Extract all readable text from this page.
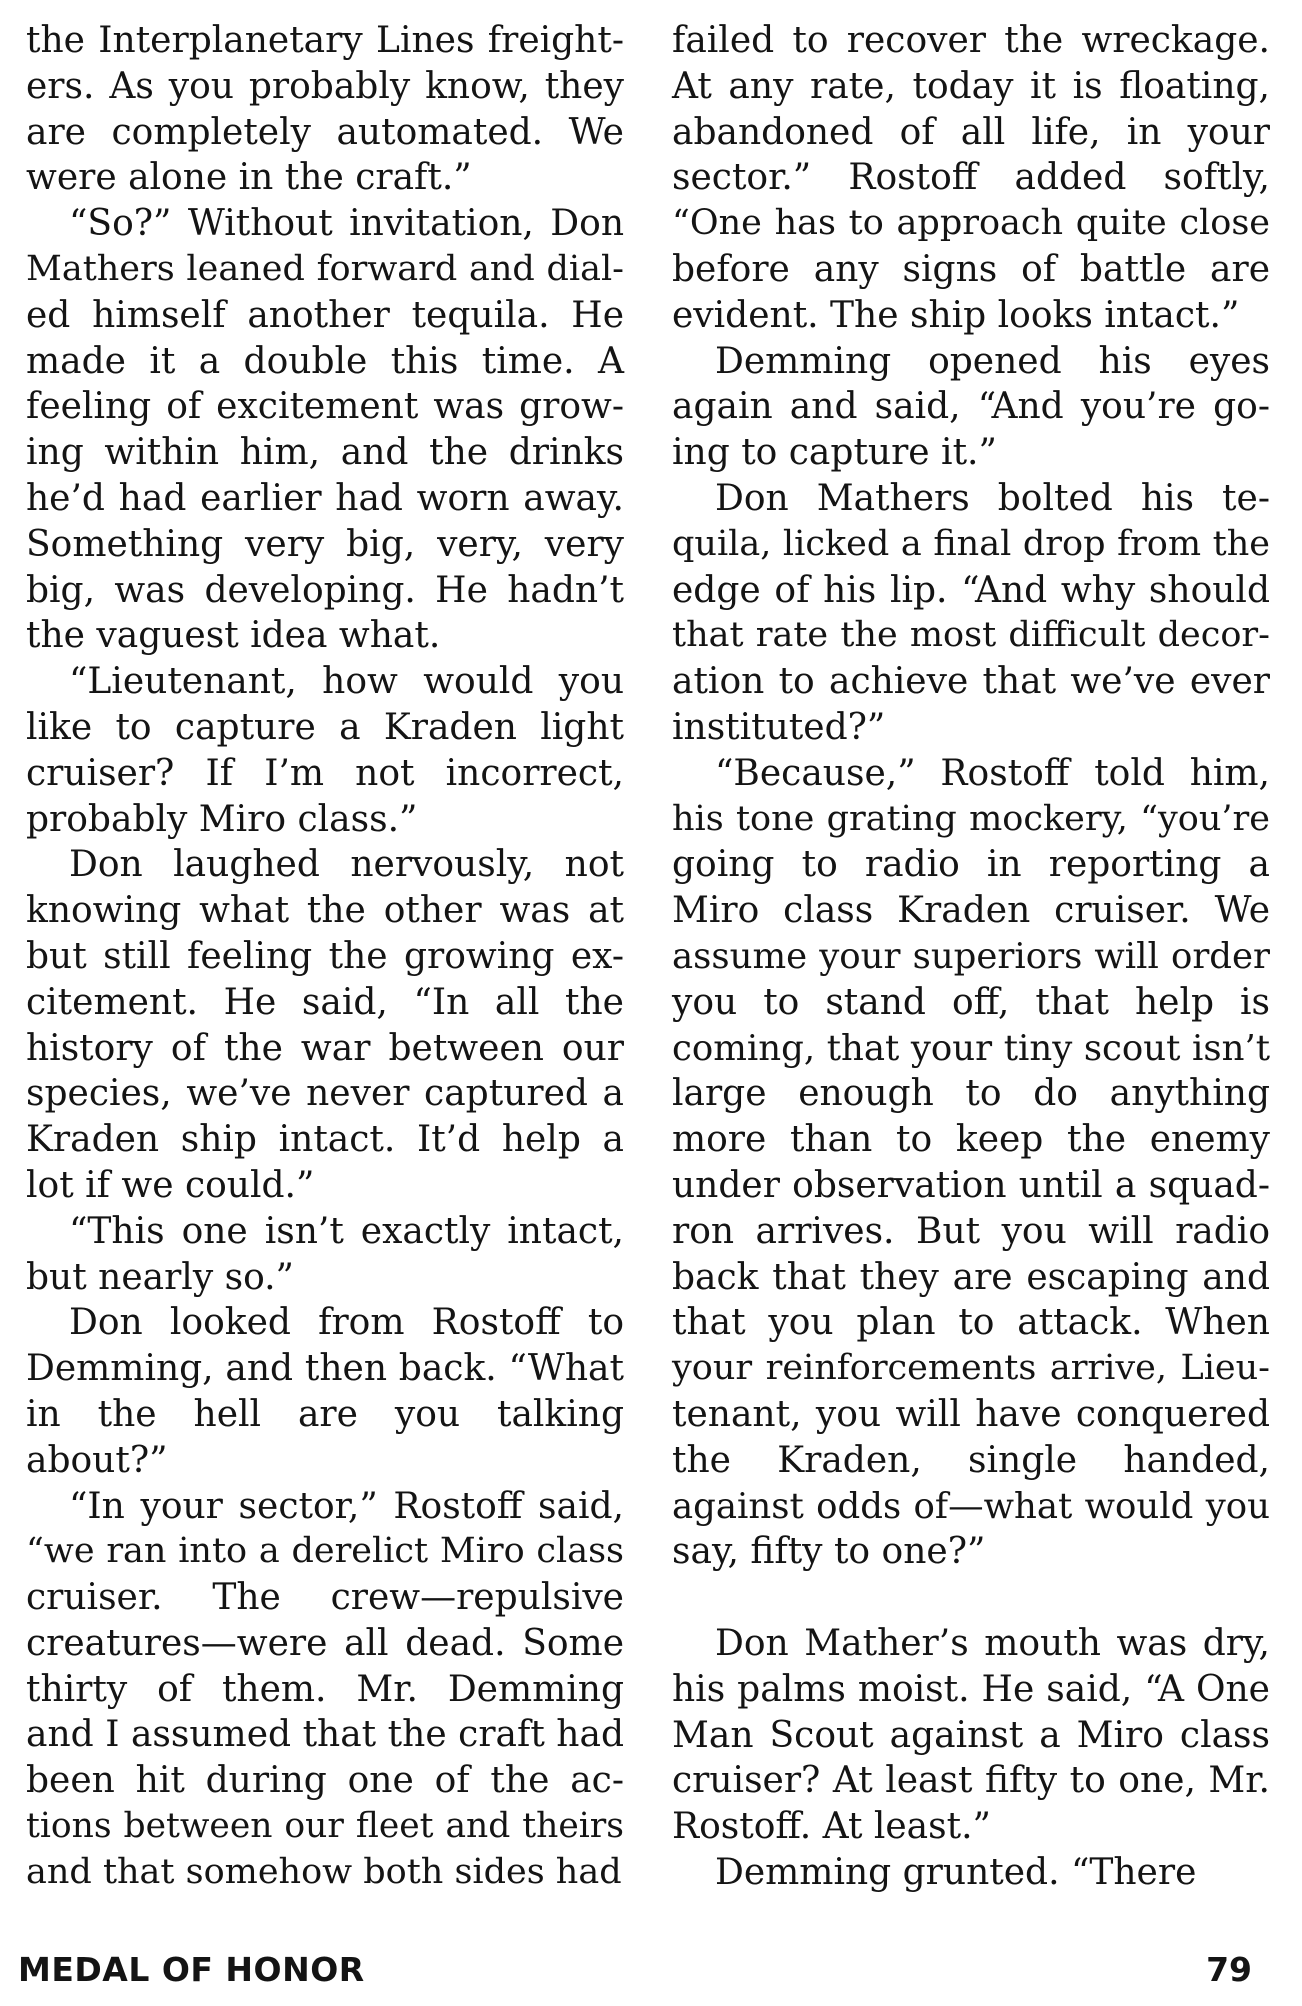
the Interplanetary Lines freight-
ers. As you probably know, they
are completely automated. We
were alone in the craft.”

“So?” Without invitation, Don
Mathers leaned forward and dial-
ed himself another tequila. He
made it a double this time. A
feeling of excitement was grow-
ing within him, and the drinks
he’d had earlier had worn away.
Something very big, very, very
big, was developing. He hadn’t
the vaguest idea what.

“Lieutenant, how would you
like to capture a Kraden light
cruiser? If I’m not incorrect,
probably Miro class.”

Don laughed nervously, not
knowing what the other was at
but still feeling the growing ex-
citement. He said, “In all the
history of the war between our
species, we’ve never captured a
Kraden ship intact. It’d help a
lot if we could.”

“This one isn’t exactly intact,
but nearly so.”

Don looked from Rostoff to
Demming, and then back. “What
in the hell are you talking
about?”

“In your sector,” Rostoff said,
“we ran into a derelict Miro class
cruiser. The crew—repulsive
creatures—were all dead. Some
thirty of them. Mr. Demming
and I assumed that the craft had
been hit during one of the ac-
tions between our fleet and theirs
and that somehow both sides had

failed to recover the wreckage.
At any rate, today it is floating,
abandoned of all life, in your
sector.” Rostoff added softly,
“One has to approach quite close
before any signs of battle are
evident. The ship looks intact.”

Demming opened his eyes
again and said, “And you’re go-
ing to capture it.”

Don Mathers bolted his te-
quila, licked a final drop from the
edge of his lip. “And why should
that rate the most difficult decor-
ation to achieve that we’ve ever
instituted?”

“Because,” Rostoff told him,
his tone grating mockery, “you’re
going to radio in reporting a
Miro class Kraden cruiser. We
assume your superiors will order
you to stand off, that help is
coming, that your tiny scout isn’t
large enough to do anything
more than to keep the enemy
under observation until a squad-
ron arrives. But you will radio
back that they are escaping and
that you plan to attack. When
your reinforcements arrive, Lieu-
tenant, you will have conquered
the Kraden, single handed,
against odds of—what would you
say, fifty to one?”

Don Mather’s mouth was dry,
his palms moist. He said, “A One
Man Scout against a Miro class
cruiser? At least fifty to one, Mr.
Rostoff. At least.”

Demming grunted. “There

MEDAL OF HONOR	79
